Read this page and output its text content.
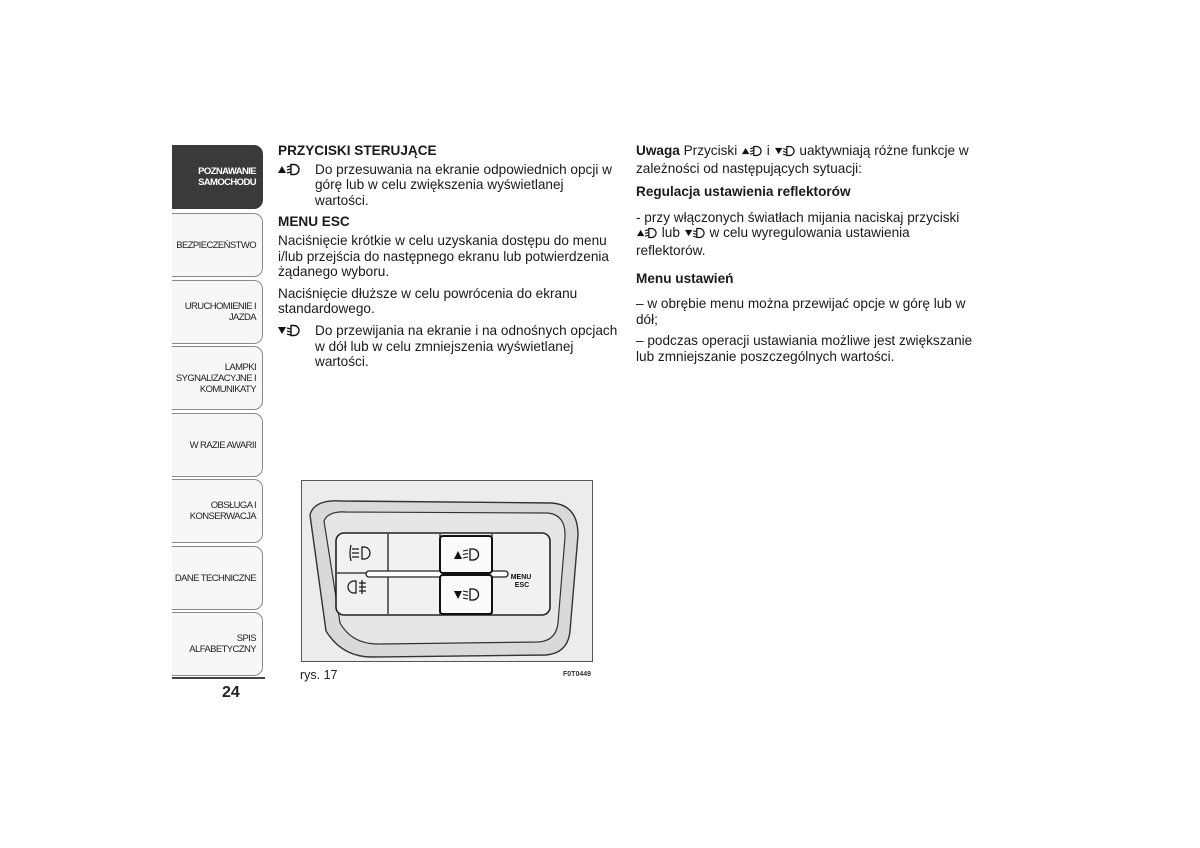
POZNAWANIE
SAMOCHODU
BEZPIECZEŃSTWO
URUCHOMIENIE I
JAZDA
LAMPKI
SYGNALIZACYJNE I
KOMUNIKATY
W RAZIE AWARII
OBSŁUGA I
KONSERWACJA
DANE TECHNICZNE
SPIS ALFABETYCZNY
24
PRZYCISKI STERUJĄCE
Do przesuwania na ekranie odpowiednich opcji w górę lub w celu zwiększenia wyświetlanej wartości.
MENU ESC

Naciśnięcie krótkie w celu uzyskania dostępu do menu i/lub przejścia do następnego ekranu lub potwierdzenia żądanego wyboru.

Naciśnięcie dłuższe w celu powrócenia do ekranu standardowego.

Do przewijania na ekranie i na odnośnych opcjach w dół lub w celu zmniejszenia wyświetlanej wartości.

Uwaga Przyciski i uaktywniają różne funkcje w zależności od następujących sytuacji:

Regulacja ustawienia reflektorów

- przy włączonych światłach mijania naciskaj przyciski  lub w celu wyregulowania ustawienia reflektorów.

Menu ustawień

– w obrębie menu można przewijać opcje w górę lub w dół;

– podczas operacji ustawiania możliwe jest zwiększanie lub zmniejszanie poszczególnych wartości.

MENU ESC
rys. 17	F0T0449
